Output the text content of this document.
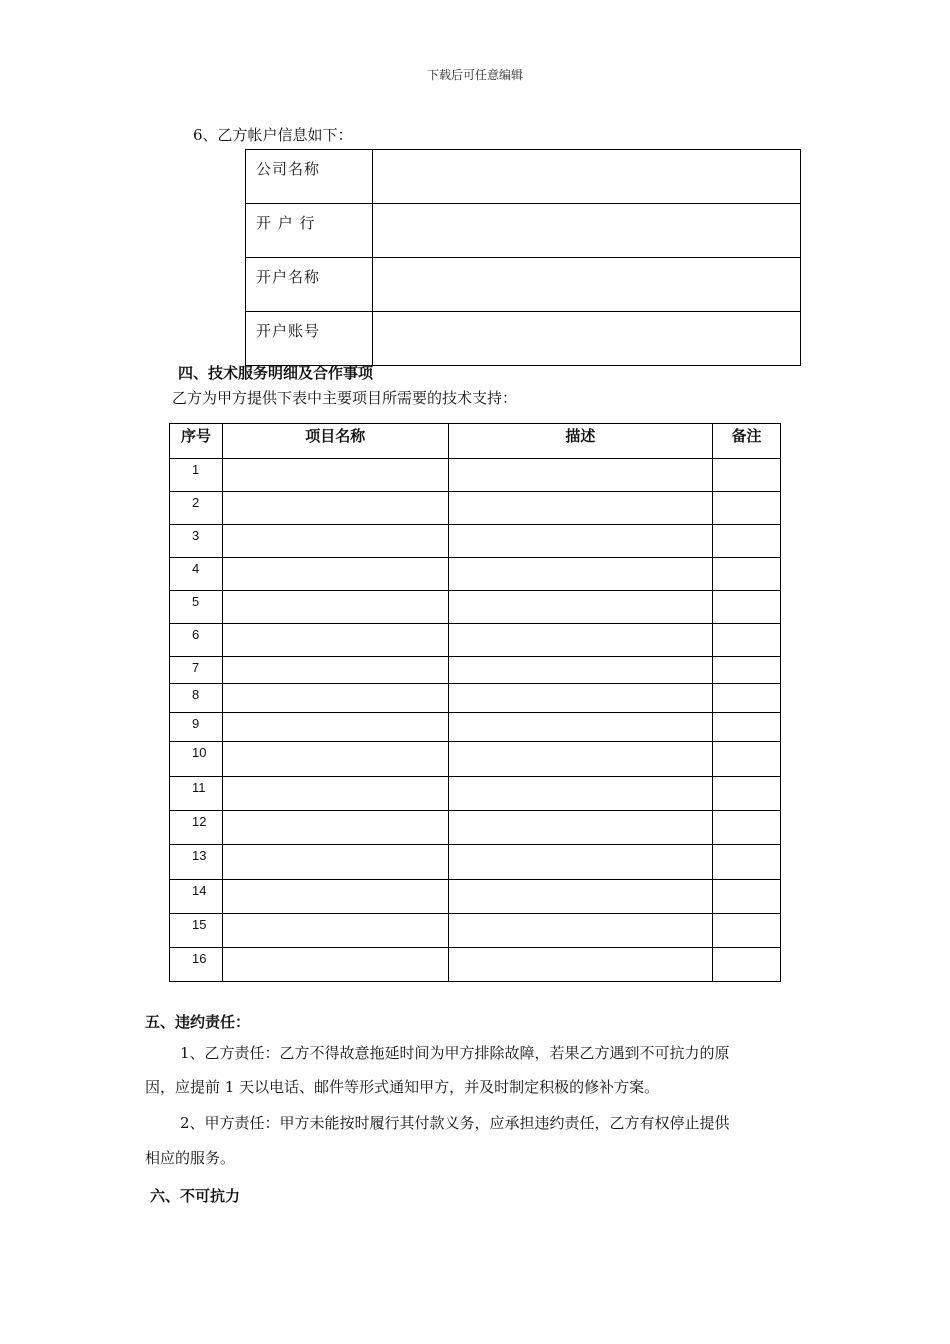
下载后可任意编辑
6、乙方帐户信息如下：
公司名称	
开 户 行	
开户名称	
开户账号	
四、技术服务明细及合作事项
乙方为甲方提供下表中主要项目所需要的技术支持：
序号	项目名称	描述	备注
1			
2			
3			
4			
5			
6			
7			
8			
9			
10			
11			
12			
13			
14			
15			
16			
五、违约责任：
1、乙方责任：乙方不得故意拖延时间为甲方排除故障，若果乙方遇到不可抗力的原
因，应提前 1 天以电话、邮件等形式通知甲方，并及时制定积极的修补方案。
2、甲方责任：甲方未能按时履行其付款义务，应承担违约责任，乙方有权停止提供
相应的服务。
六、不可抗力
